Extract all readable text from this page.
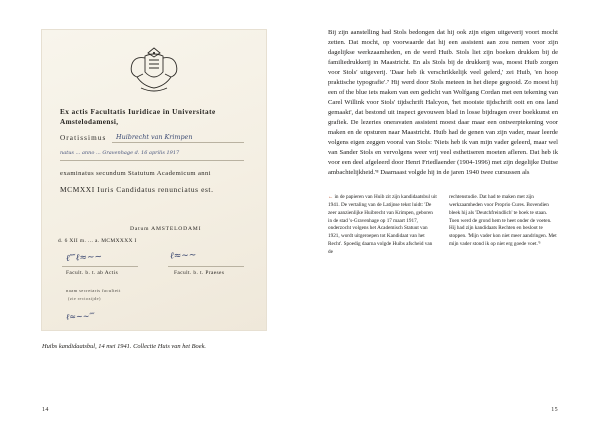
Ex actis Facultatis Iuridicae in Universitate
Amstelodamensi,
Oratissimus Huibrecht van Krimpen
natus ... anno ... Gravenhage d. 16 aprilis 1917
examinatus secundum Statutum Academicum anni
MCMXXI Iuris Candidatus renunciatus est.
Datum AMSTELODAMI
d. 6 XII m. ... a. MCMXXXX I
ℓ⁗ℓ≈∼∼	ℓ≈∼∼
Facult. b. t. ab Actis	Facult. b. t. Praeses
naam secretaris faculteit
(zie rectozijde)
ℓ≈∼∼⁗
Huibs kandidaatsbul, 14 mei 1941. Collectie Huis van het Boek.
14

Bij zijn aanstelling had Stols bedongen dat hij ook zijn eigen uitgeverij voort mocht zetten. Dat mocht, op voorwaarde dat hij een assistent aan zou nemen voor zijn dagelijkse werkzaamheden, en de werd Huib. Stols liet zijn boeken drukken bij de familiedrukkerij in Maastricht. En als Stols bij de drukkerij was, moest Huib zorgen voor Stols' uitgeverij. 'Daar heb ik verschrikkelijk veel gelerd,' zei Huib, 'en hoop praktische typografie'.⁷ Hij werd door Stols meteen in het diepe gegooid. Zo moest hij een of the blue iets maken van een gedicht van Wolfgang Cordan met een tekening van Carel Willink voor Stols' tijdschrift Halcyon, 'het mooiste tijdschrift ooit en ons land gemaakt', dat bestond uit inspect gevouwen blad in losse bijdragen over boekkunst en grafiek. De lezeries oneravaten assistent moest daar maar een ontwerptekening voor maken en de opsturen naar Maastricht. Huib had de genen van zijn vader, maar leerde volgens eigen zeggen vooral van Stols: 'Niets heb ik van mijn vader geleerd, maar wel van Sander Stols en vervolgens weer vrij veel esthetiseren moeten afleren. Dat heb ik voor een deel afgeleerd door Henri Friedlaender (1904-1996) met zijn degelijke Duitse ambachtelijkheid.'⁸ Daarnaast volgde hij in de jaren 1940 twee cursussen als

← in de papieren van Huib zit zijn kandidaatsbul uit 1941. De vertaling van de Latijnse tekst luidt: 'De zeer aanzienlijke Huibrecht van Krimpen, geboren in de stad 's-Gravenhage op 17 maart 1917, onderzocht volgens het Academisch Statuut van 1921, wordt uitgeroepen tot Kandidaat van het Recht'. Spoedig daarna volgde Huibs afscheid van de
rechtenstudie. Dat had te maken met zijn werkzaamheden voor Proprio Cures. Bovendien bleek hij als 'Deutchfreindlich' te boek te staan. Toen werd de grond hem te heet onder de voeten. Hij had zijn kandidaats Rechten en besloot te stoppen. 'Mijn vader kon niet meer aandringen. Met mijn vader stond ik op niet erg goede voet.'⁵
15
